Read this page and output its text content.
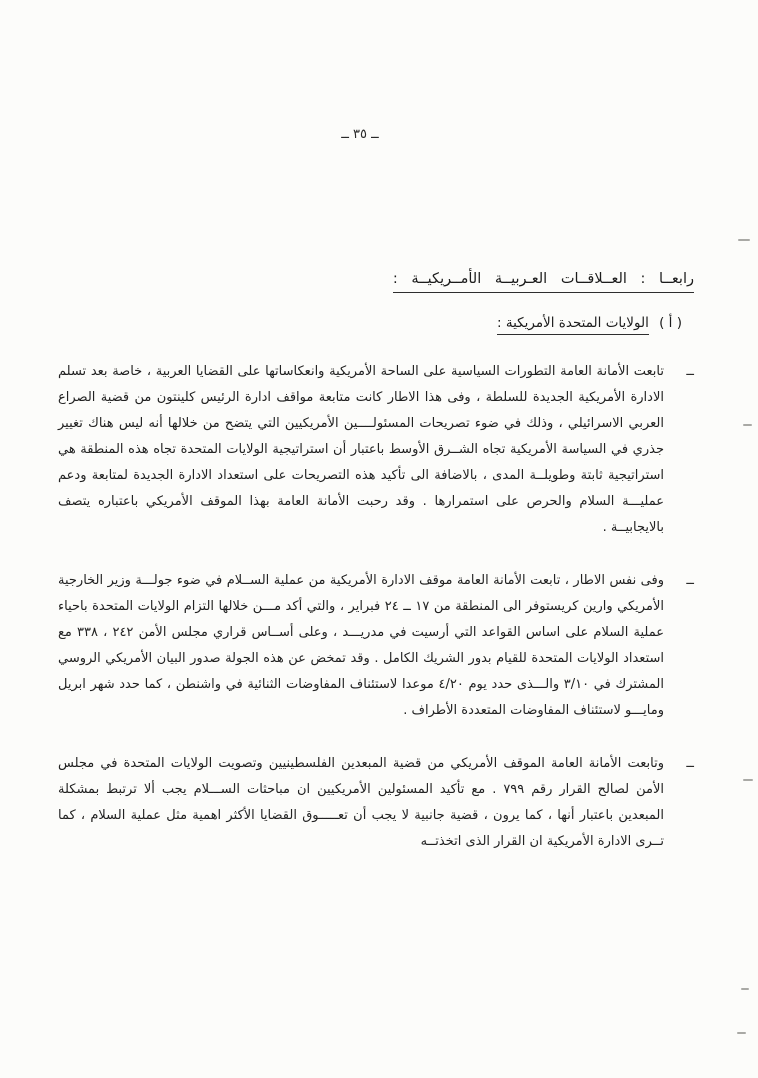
ــ ٣٥ ــ
رابعــا : العــلاقــات العـربيــة الأمــريكيــة :
( أ ) الولايات المتحدة الأمريكية :
ــ

تابعت الأمانة العامة التطورات السياسية على الساحة الأمريكية وانعكاساتها على القضايا العربية ، خاصة بعد تسلم الادارة الأمريكية الجديدة للسلطة ، وفى هذا الاطار كانت متابعة مواقف ادارة الرئيس كلينتون من قضية الصراع العربي الاسرائيلي ، وذلك في ضوء تصريحات المسئولــــين الأمريكيين التي يتضح من خلالها أنه ليس هناك تغيير جذري في السياسة الأمريكية تجاه الشــرق الأوسط باعتبار أن استراتيجية الولايات المتحدة تجاه هذه المنطقة هي استراتيجية ثابتة وطويلــة المدى ، بالاضافة الى تأكيد هذه التصريحات على استعداد الادارة الجديدة لمتابعة ودعم عمليـــة السلام والحرص على استمرارها . وقد رحبت الأمانة العامة بهذا الموقف الأمريكي باعتباره يتصف بالايجابيــة .

ــ

وفى نفس الاطار ، تابعت الأمانة العامة موقف الادارة الأمريكية من عملية الســلام في ضوء جولـــة وزير الخارجية الأمريكي وارين كريستوفر الى المنطقة من ١٧ ــ ٢٤ فبراير ، والتي أكد مـــن خلالها التزام الولايات المتحدة باحياء عملية السلام على اساس القواعد التي أرسيت في مدريـــد ، وعلى أســاس قراري مجلس الأمن ٢٤٢ ، ٣٣٨ مع استعداد الولايات المتحدة للقيام بدور الشريك الكامل . وقد تمخض عن هذه الجولة صدور البيان الأمريكي الروسي المشترك في ٣/١٠ والـــذى حدد يوم ٤/٢٠ موعدا لاستئناف المفاوضات الثنائية في واشنطن ، كما حدد شهر ابريل ومايـــو لاستئناف المفاوضات المتعددة الأطراف .

ــ

وتابعت الأمانة العامة الموقف الأمريكي من قضية المبعدين الفلسطينيين وتصويت الولايات المتحدة في مجلس الأمن لصالح القرار رقم ٧٩٩ . مع تأكيد المسئولين الأمريكيين ان مباحثات الســـلام يجب ألا ترتبط بمشكلة المبعدين باعتبار أنها ، كما يرون ، قضية جانبية لا يجب أن تعـــــوق القضايا الأكثر اهمية مثل عملية السلام ، كما تــرى الادارة الأمريكية ان القرار الذى اتخذتــه
